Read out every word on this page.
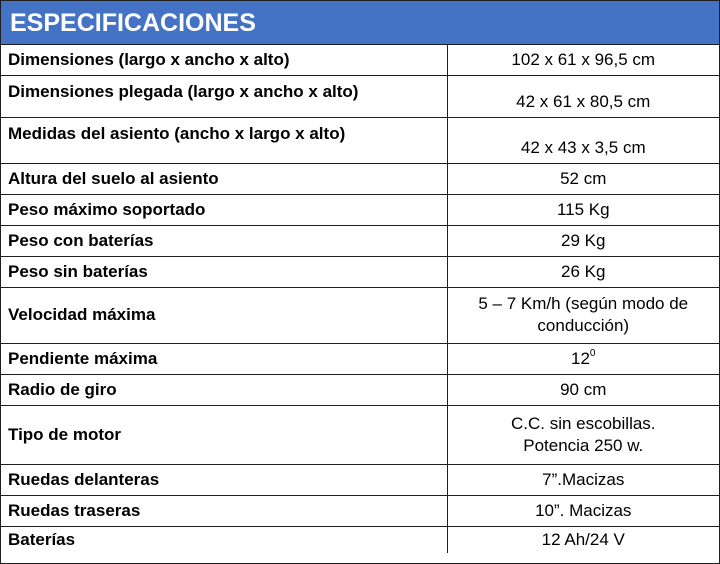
ESPECIFICACIONES
Dimensiones (largo x ancho x alto)	102 x 61 x 96,5 cm
Dimensiones plegada (largo x ancho x alto)	42 x 61 x 80,5 cm
Medidas del asiento (ancho x largo x alto)	42 x 43 x 3,5 cm
Altura del suelo al asiento	52 cm
Peso máximo soportado	115 Kg
Peso con baterías	29 Kg
Peso sin baterías	26 Kg
Velocidad máxima	5 – 7 Km/h (según modo de
conducción)

Pendiente máxima	$12^0$
Radio de giro	90 cm
Tipo de motor	C.C. sin escobillas.
Potencia 250 w.

Ruedas delanteras	7”.Macizas
Ruedas traseras	10”. Macizas
Baterías	12 Ah/24 V
